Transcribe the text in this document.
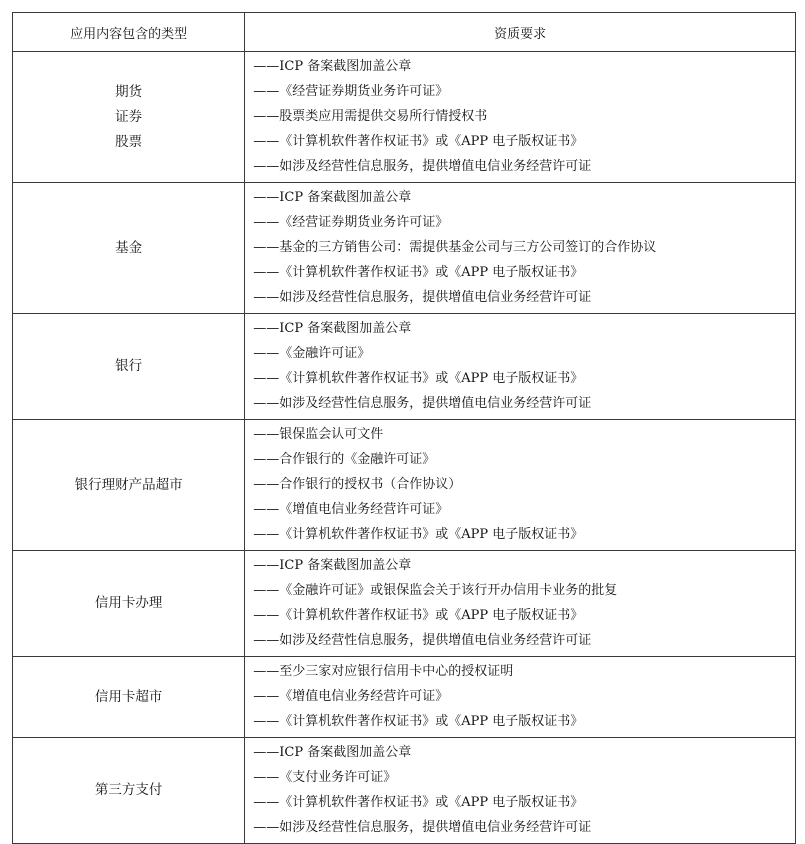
应用内容包含的类型	资质要求

期货
证券
股票	——ICP 备案截图加盖公章
——《经营证券期货业务许可证》
——股票类应用需提供交易所行情授权书
——《计算机软件著作权证书》或《APP 电子版权证书》
——如涉及经营性信息服务，提供增值电信业务经营许可证

基金	——ICP 备案截图加盖公章
——《经营证券期货业务许可证》
——基金的三方销售公司：需提供基金公司与三方公司签订的合作协议
——《计算机软件著作权证书》或《APP 电子版权证书》
——如涉及经营性信息服务，提供增值电信业务经营许可证

银行	——ICP 备案截图加盖公章
——《金融许可证》
——《计算机软件著作权证书》或《APP 电子版权证书》
——如涉及经营性信息服务，提供增值电信业务经营许可证

银行理财产品超市	——银保监会认可文件
——合作银行的《金融许可证》
——合作银行的授权书（合作协议）
——《增值电信业务经营许可证》
——《计算机软件著作权证书》或《APP 电子版权证书》

信用卡办理	——ICP 备案截图加盖公章
——《金融许可证》或银保监会关于该行开办信用卡业务的批复
——《计算机软件著作权证书》或《APP 电子版权证书》
——如涉及经营性信息服务，提供增值电信业务经营许可证

信用卡超市	——至少三家对应银行信用卡中心的授权证明
——《增值电信业务经营许可证》
——《计算机软件著作权证书》或《APP 电子版权证书》

第三方支付	——ICP 备案截图加盖公章
——《支付业务许可证》
——《计算机软件著作权证书》或《APP 电子版权证书》
——如涉及经营性信息服务，提供增值电信业务经营许可证
